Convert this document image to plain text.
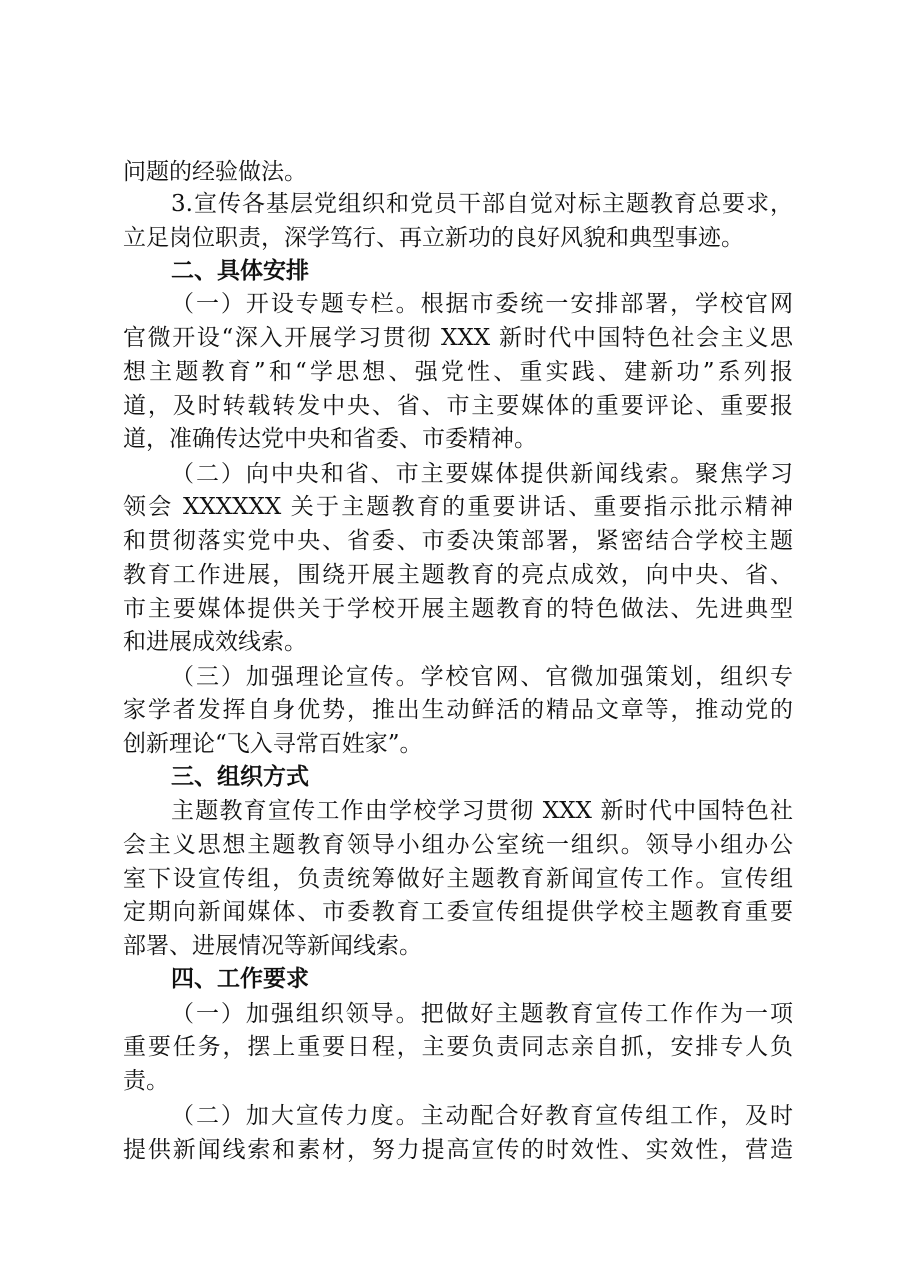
问题的经验做法。
3.宣传各基层党组织和党员干部自觉对标主题教育总要求，
立足岗位职责，深学笃行、再立新功的良好风貌和典型事迹。
二、具体安排
（一）开设专题专栏。根据市委统一安排部署，学校官网
官微开设“深入开展学习贯彻 XXX 新时代中国特色社会主义思
想主题教育”和“学思想、强党性、重实践、建新功”系列报
道，及时转载转发中央、省、市主要媒体的重要评论、重要报
道，准确传达党中央和省委、市委精神。
（二）向中央和省、市主要媒体提供新闻线索。聚焦学习
领会 XXXXXX 关于主题教育的重要讲话、重要指示批示精神
和贯彻落实党中央、省委、市委决策部署，紧密结合学校主题
教育工作进展，围绕开展主题教育的亮点成效，向中央、省、
市主要媒体提供关于学校开展主题教育的特色做法、先进典型
和进展成效线索。
（三）加强理论宣传。学校官网、官微加强策划，组织专
家学者发挥自身优势，推出生动鲜活的精品文章等，推动党的
创新理论“飞入寻常百姓家”。
三、组织方式
主题教育宣传工作由学校学习贯彻 XXX 新时代中国特色社
会主义思想主题教育领导小组办公室统一组织。领导小组办公
室下设宣传组，负责统筹做好主题教育新闻宣传工作。宣传组
定期向新闻媒体、市委教育工委宣传组提供学校主题教育重要
部署、进展情况等新闻线索。
四、工作要求
（一）加强组织领导。把做好主题教育宣传工作作为一项
重要任务，摆上重要日程，主要负责同志亲自抓，安排专人负
责。
（二）加大宣传力度。主动配合好教育宣传组工作，及时
提供新闻线索和素材，努力提高宣传的时效性、实效性，营造
